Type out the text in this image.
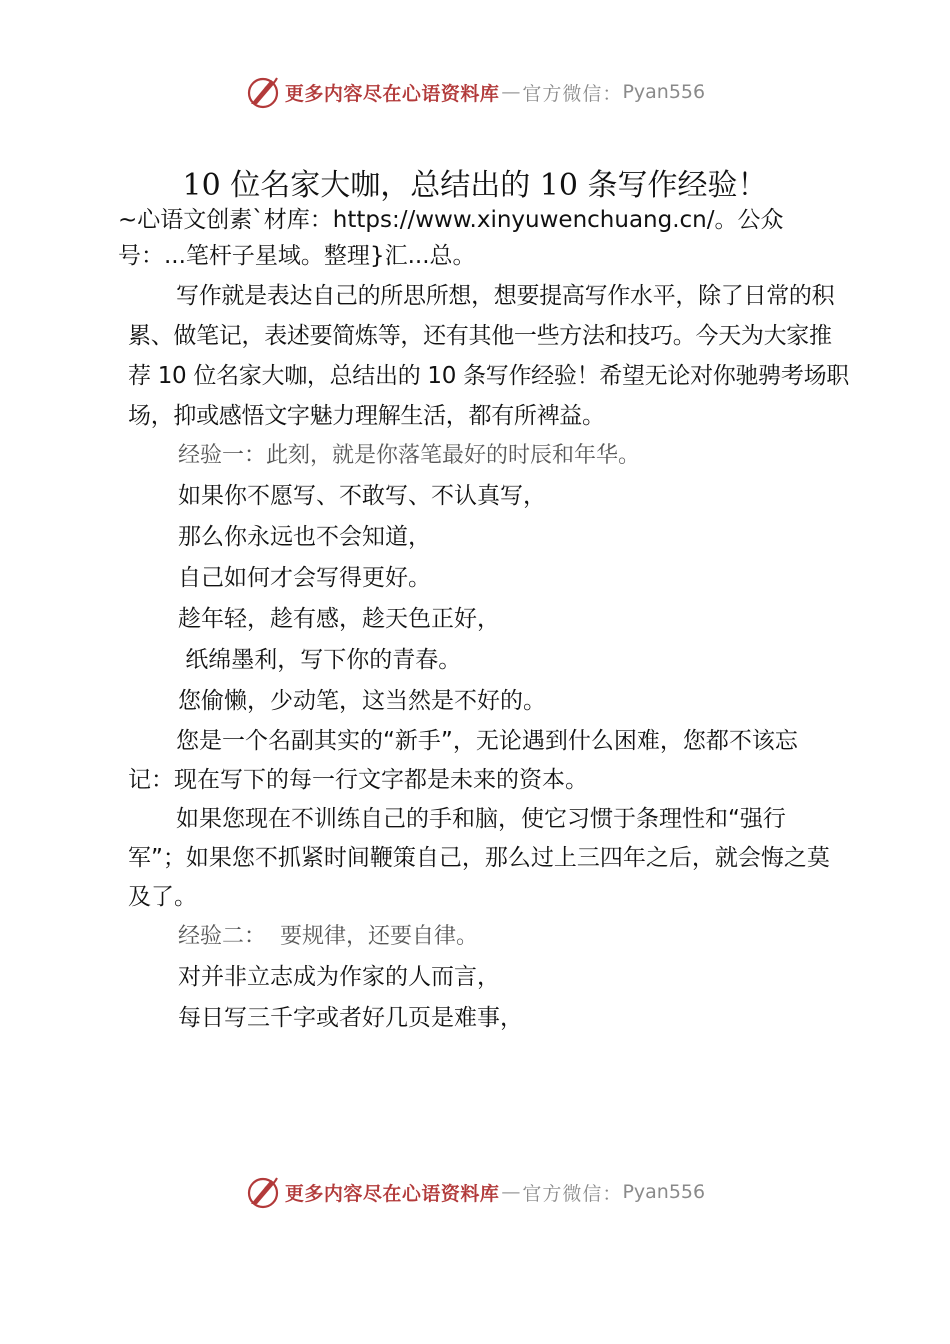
更多内容尽在心语资料库 — 官方微信： Pyan556
10 位名家大咖，总结出的 10 条写作经验！

~心语文创素`材库：https://www.xinyuwenchuang.cn/。公众号：...笔杆子星域。整理}汇...总。

写作就是表达自己的所思所想，想要提高写作水平，除了日常的积累、做笔记，表述要简炼等，还有其他一些方法和技巧。今天为大家推荐 10 位名家大咖，总结出的 10 条写作经验！希望无论对你驰骋考场职场，抑或感悟文字魅力理解生活，都有所裨益。

经验一：此刻，就是你落笔最好的时辰和年华。

如果你不愿写、不敢写、不认真写，

那么你永远也不会知道，

自己如何才会写得更好。

趁年轻，趁有感，趁天色正好，

纸绵墨利，写下你的青春。

您偷懒，少动笔，这当然是不好的。

您是一个名副其实的“新手”，无论遇到什么困难，您都不该忘记：现在写下的每一行文字都是未来的资本。

如果您现在不训练自己的手和脑，使它习惯于条理性和“强行军”；如果您不抓紧时间鞭策自己，那么过上三四年之后，就会悔之莫及了。

经验二：  要规律，还要自律。

对并非立志成为作家的人而言，

每日写三千字或者好几页是难事，

更多内容尽在心语资料库 — 官方微信： Pyan556
